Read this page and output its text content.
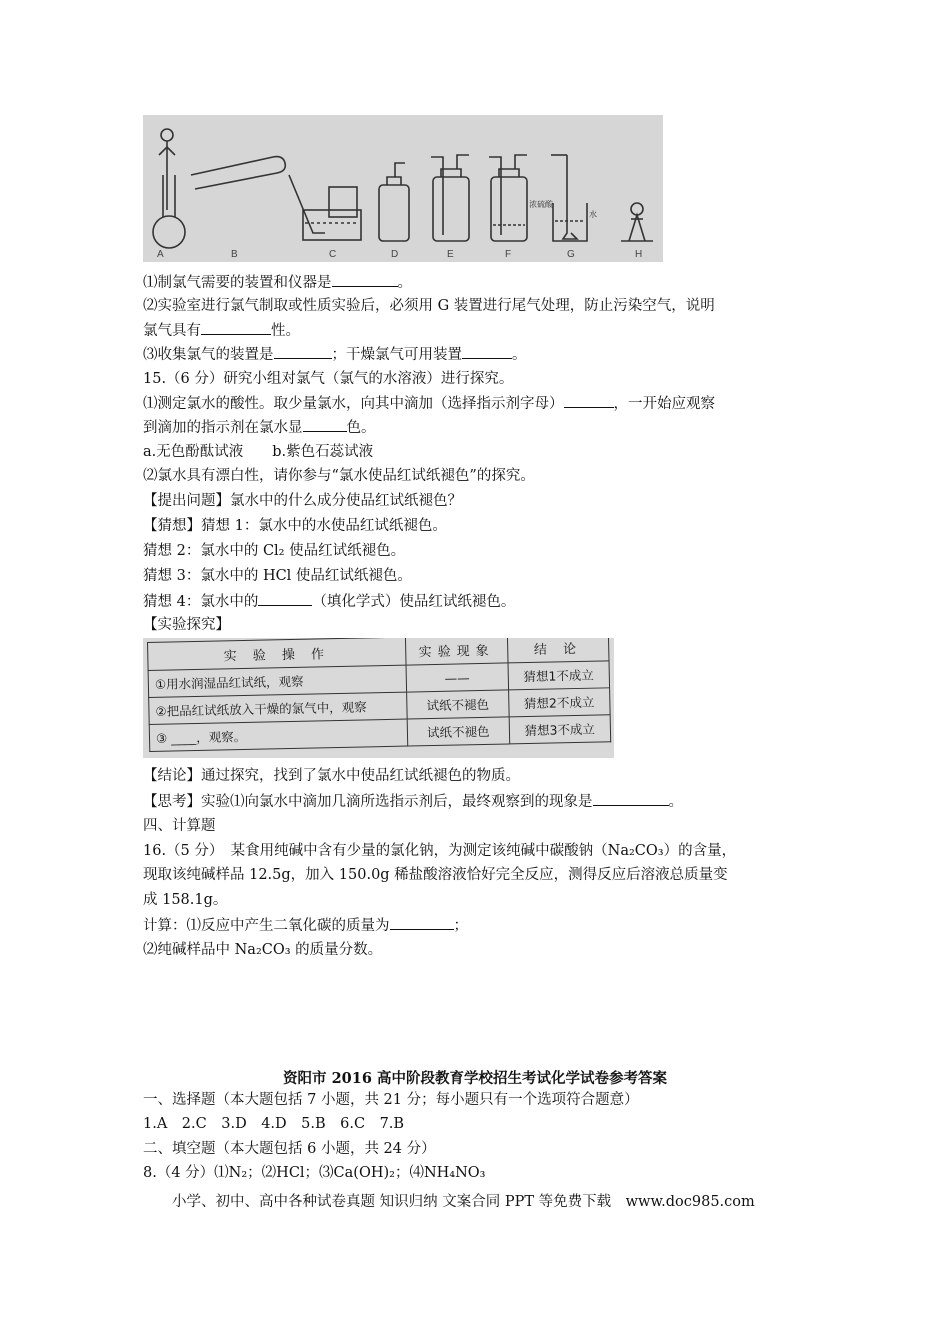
A	B	C	D	E	F	G	H
浓硫酸
水
⑴制氯气需要的装置和仪器是	。
⑵实验室进行氯气制取或性质实验后，必须用 G 装置进行尾气处理，防止污染空气，说明
氯气具有	性。
⑶收集氯气的装置是	；干燥氯气可用装置	。
15.（6 分）研究小组对氯气（氯气的水溶液）进行探究。
⑴测定氯水的酸性。取少量氯水，向其中滴加（选择指示剂字母）	，一开始应观察
到滴加的指示剂在氯水显	色。
a.无色酚酞试液　　b.紫色石蕊试液
⑵氯水具有漂白性，请你参与“氯水使品红试纸褪色”的探究。
【提出问题】氯水中的什么成分使品红试纸褪色？
【猜想】猜想 1：氯水中的水使品红试纸褪色。
猜想 2：氯水中的 Cl₂ 使品红试纸褪色。
猜想 3：氯水中的 HCl 使品红试纸褪色。
猜想 4：氯水中的	（填化学式）使品红试纸褪色。
【实验探究】
实 验 操 作	实验现象	结 论
①用水润湿品红试纸，观察	——	猜想1不成立
②把品红试纸放入干燥的氯气中，观察	试纸不褪色	猜想2不成立
③ ____，观察。	试纸不褪色	猜想3不成立
【结论】通过探究，找到了氯水中使品红试纸褪色的物质。
【思考】实验⑴向氯水中滴加几滴所选指示剂后，最终观察到的现象是	。
四、计算题
16.（5 分）　某食用纯碱中含有少量的氯化钠，为测定该纯碱中碳酸钠（Na₂CO₃）的含量，
现取该纯碱样品 12.5g，加入 150.0g 稀盐酸溶液恰好完全反应，测得反应后溶液总质量变
成 158.1g。
计算：⑴反应中产生二氧化碳的质量为	；
⑵纯碱样品中 Na₂CO₃ 的质量分数。
资阳市 2016 高中阶段教育学校招生考试化学试卷参考答案
一、选择题（本大题包括 7 小题，共 21 分；每小题只有一个选项符合题意）
1.A　2.C　3.D　4.D　5.B　6.C　7.B
二、填空题（本大题包括 6 小题，共 24 分）
8.（4 分）⑴N₂；⑵HCl；⑶Ca(OH)₂；⑷NH₄NO₃
小学、初中、高中各种试卷真题 知识归纳 文案合同 PPT 等免费下载　www.doc985.com
